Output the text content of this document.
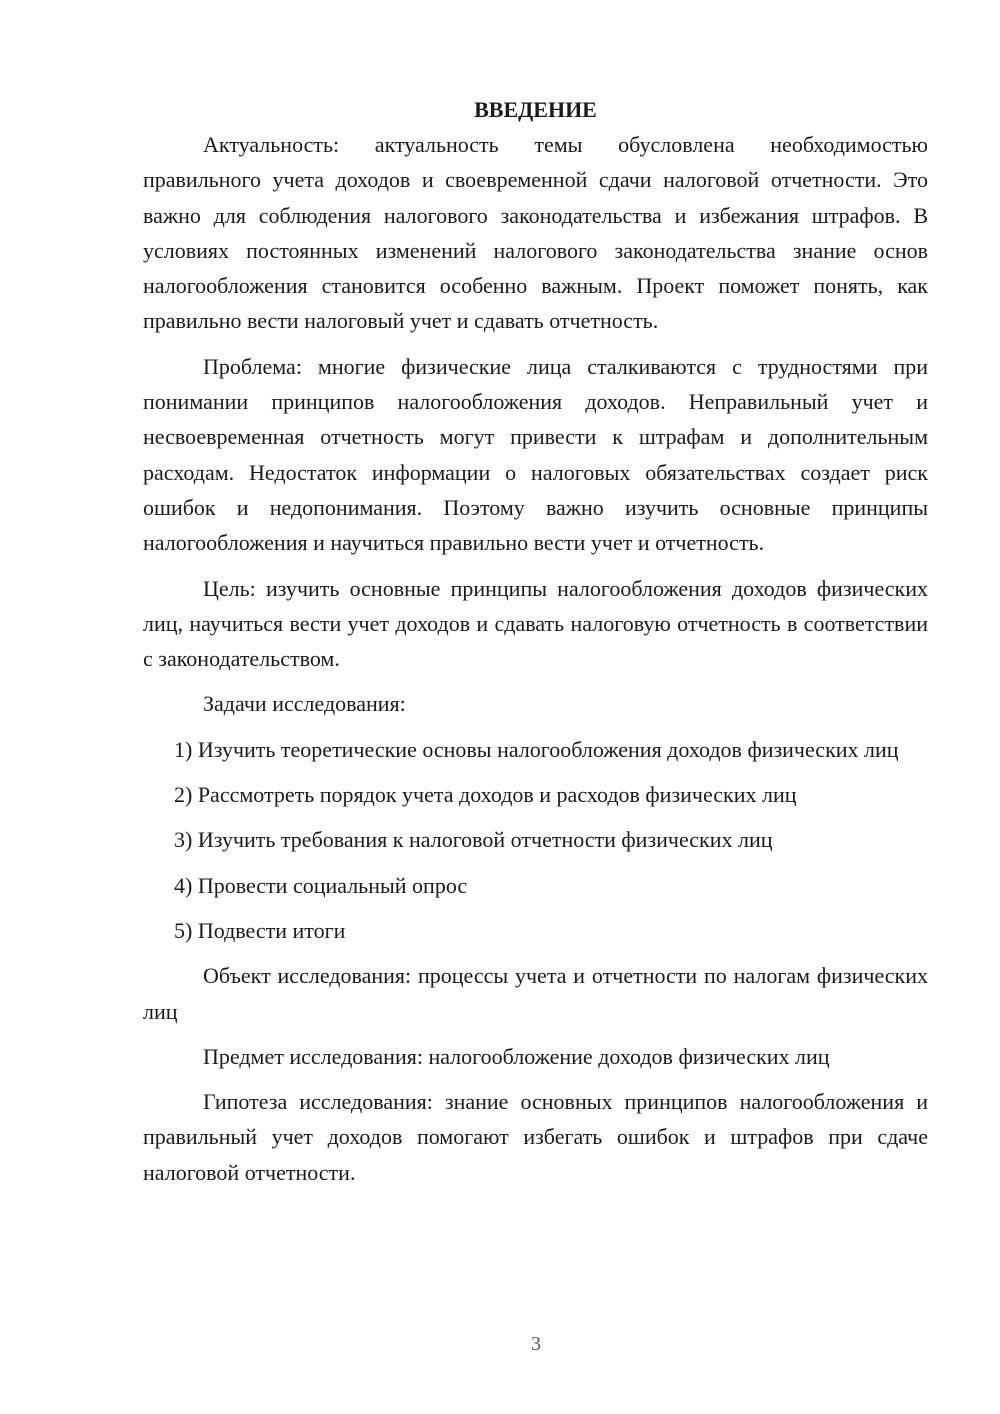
ВВЕДЕНИЕ

Актуальность: актуальность темы обусловлена необходимостью правильного учета доходов и своевременной сдачи налоговой отчетности. Это важно для соблюдения налогового законодательства и избежания штрафов. В условиях постоянных изменений налогового законодательства знание основ налогообложения становится особенно важным. Проект поможет понять, как правильно вести налоговый учет и сдавать отчетность.

Проблема: многие физические лица сталкиваются с трудностями при понимании принципов налогообложения доходов. Неправильный учет и несвоевременная отчетность могут привести к штрафам и дополнительным расходам. Недостаток информации о налоговых обязательствах создает риск ошибок и недопонимания. Поэтому важно изучить основные принципы налогообложения и научиться правильно вести учет и отчетность.

Цель: изучить основные принципы налогообложения доходов физических лиц, научиться вести учет доходов и сдавать налоговую отчетность в соответствии с законодательством.

Задачи исследования:

1) Изучить теоретические основы налогообложения доходов физических лиц

2) Рассмотреть порядок учета доходов и расходов физических лиц

3) Изучить требования к налоговой отчетности физических лиц

4) Провести социальный опрос

5) Подвести итоги

Объект исследования: процессы учета и отчетности по налогам физических лиц

Предмет исследования: налогообложение доходов физических лиц

Гипотеза исследования: знание основных принципов налогообложения и правильный учет доходов помогают избегать ошибок и штрафов при сдаче налоговой отчетности.

3
